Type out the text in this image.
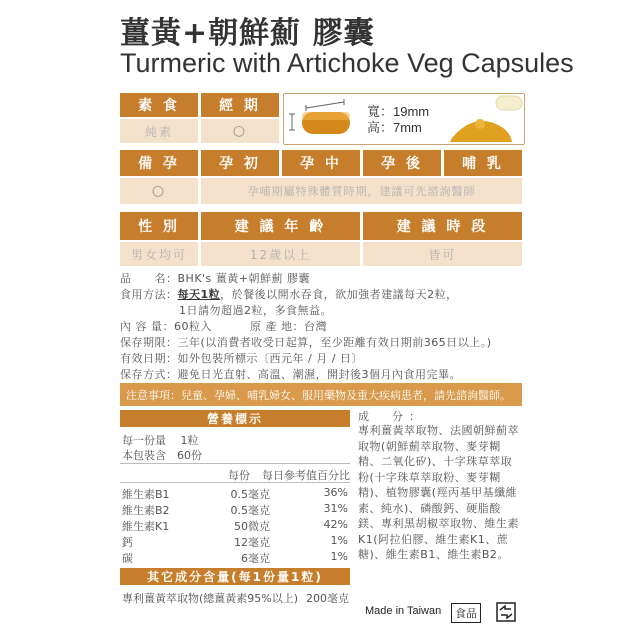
薑黃+朝鮮薊 膠囊
Turmeric with Artichoke Veg Capsules
素 食	經 期
純素	○
寬：19mm
高：7mm
備 孕	孕 初	孕 中	孕 後	哺 乳
○	孕哺期屬特殊體質時期，建議可先諮詢醫師
性 別	建 議 年 齡	建 議 時 段
男女均可	12歲以上	皆可
品　　名：BHK's 薑黃+朝鮮薊 膠囊
食用方法：每天1粒，於餐後以開水吞食，欲加強者建議每天2粒，
1日請勿超過2粒，多食無益。
內 容 量：60粒入	原 產 地：台灣
保存期限：三年(以消費者收受日起算，至少距離有效日期前365日以上。)
有效日期：如外包裝所標示〔西元年 / 月 / 日〕
保存方式：避免日光直射、高溫、潮濕，開封後3個月內食用完畢。
注意事項：兒童、孕婦、哺乳婦女、服用藥物及重大疾病患者，請先諮詢醫師。
營養標示
每一份量　 1粒
本包裝含　60份
每份 每日參考值百分比
維生素B1	0.5毫克	36%
維生素B2	0.5毫克	31%
維生素K1	50微克	42%
鈣	12毫克	1%
碳	6毫克	1%
其它成分含量(每1份量1粒)
專利薑黃萃取物(總薑黃素95%以上) 200毫克
成　分：
專利薑黃萃取物、法國朝鮮薊萃取物(朝鮮薊萃取物、麥芽糊精、二氧化矽)、十字珠草萃取粉(十字珠草萃取粉、麥芽糊精)、植物膠囊(羥丙基甲基纖維素、純水)、磷酸鈣、硬脂酸鎂、專利黑胡椒萃取物、維生素K1(阿拉伯膠、維生素K1、蔗糖)、維生素B1、維生素B2。
Made in Taiwan	食品
